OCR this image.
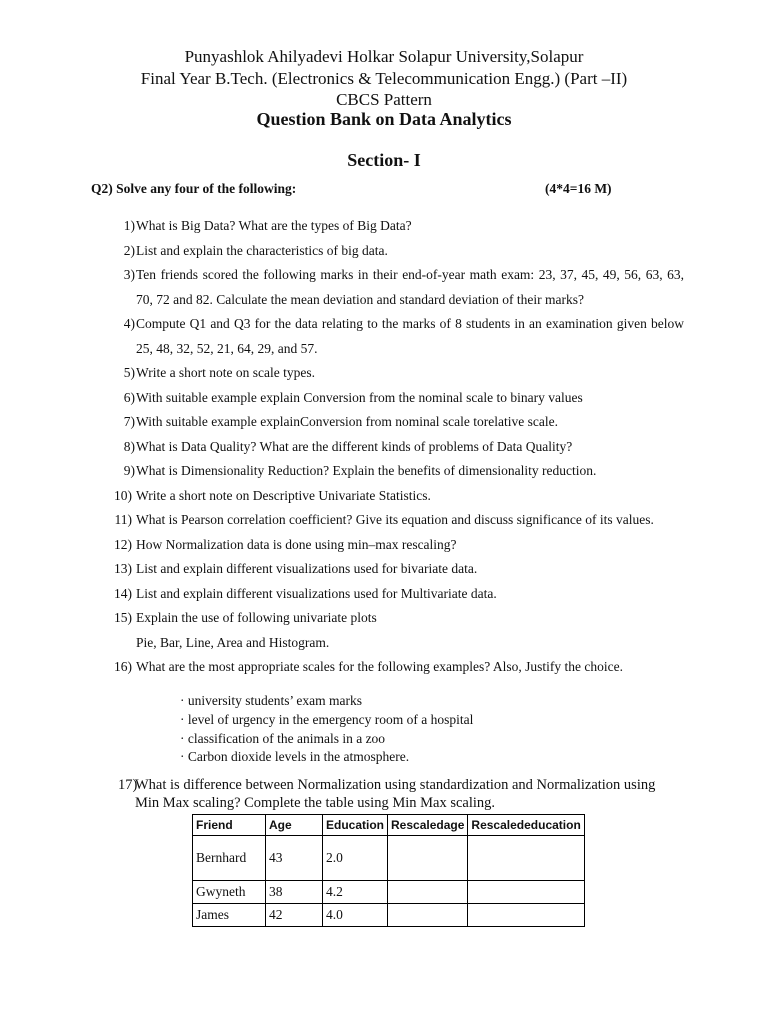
Punyashlok Ahilyadevi Holkar Solapur University,Solapur
Final Year B.Tech. (Electronics & Telecommunication Engg.) (Part –II)
CBCS Pattern
Question Bank on Data Analytics
Section- I
Q2) Solve any four of the following:	(4*4=16 M)
1) What is Big Data? What are the types of Big Data?
2) List and explain the characteristics of big data.
3) Ten friends scored the following marks in their end-of-year math exam: 23, 37, 45, 49, 56, 63, 63, 70, 72 and 82. Calculate the mean deviation and standard deviation of their marks?
4) Compute Q1 and Q3 for the data relating to the marks of 8 students in an examination given below 25, 48, 32, 52, 21, 64, 29, and 57.
5) Write a short note on scale types.
6) With suitable example explain Conversion from the nominal scale to binary values
7) With suitable example explainConversion from nominal scale torelative scale.
8) What is Data Quality? What are the different kinds of problems of Data Quality?
9) What is Dimensionality Reduction? Explain the benefits of dimensionality reduction.
10) Write a short note on Descriptive Univariate Statistics.
11) What is Pearson correlation coefficient? Give its equation and discuss significance of its values.
12) How Normalization data is done using min–max rescaling?
13) List and explain different visualizations used for bivariate data.
14) List and explain different visualizations used for Multivariate data.
15) Explain the use of following univariate plots
Pie, Bar, Line, Area and Histogram.
16) What are the most appropriate scales for the following examples? Also, Justify the choice.
· university students’ exam marks
· level of urgency in the emergency room of a hospital
· classification of the animals in a zoo
· Carbon dioxide levels in the atmosphere.
17)
What is difference between Normalization using standardization and Normalization using Min Max scaling? Complete the table using Min Max scaling.
Friend	Age	Education	Rescaledage	Rescalededucation
Bernhard	43	2.0		
Gwyneth	38	4.2		
James	42	4.0		
